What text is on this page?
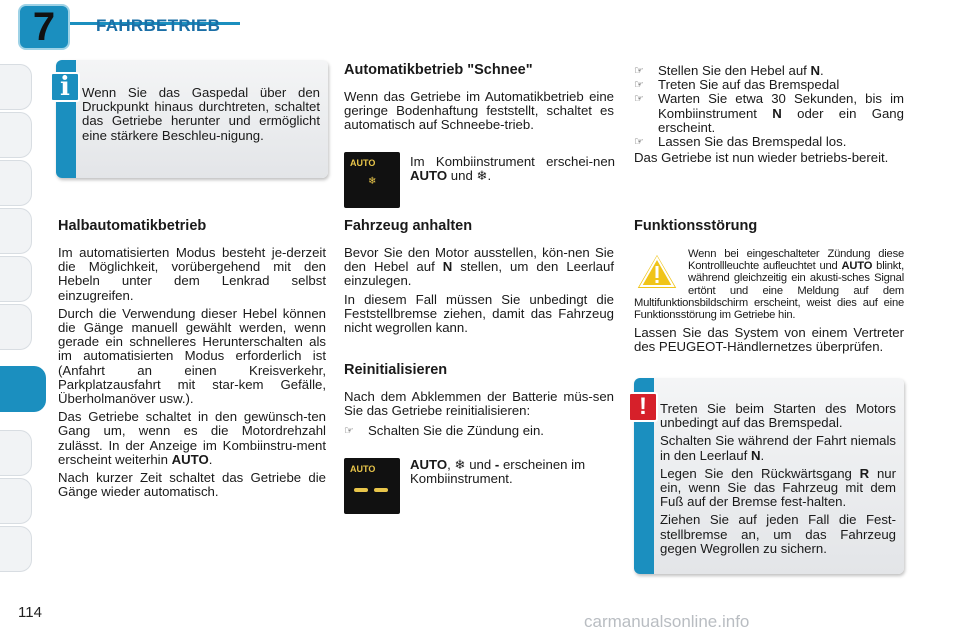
7	FAHRBETRIEB
i Wenn Sie das Gaspedal über den Druckpunkt hinaus durchtreten, schaltet das Getriebe herunter und ermöglicht eine stärkere Beschleu-nigung.
Halbautomatikbetrieb

Im automatisierten Modus besteht je-derzeit die Möglichkeit, vorübergehend mit den Hebeln unter dem Lenkrad selbst einzugreifen.

Durch die Verwendung dieser Hebel können die Gänge manuell gewählt werden, wenn gerade ein schnelleres Herunterschalten als im automatisierten Modus erforderlich ist (Anfahrt an einen Kreisverkehr, Parkplatzausfahrt mit star-kem Gefälle, Überholmanöver usw.).

Das Getriebe schaltet in den gewünsch-ten Gang um, wenn es die Motordrehzahl zulässt. In der Anzeige im Kombiinstru-ment erscheint weiterhin AUTO.

Nach kurzer Zeit schaltet das Getriebe die Gänge wieder automatisch.

Automatikbetrieb "Schnee"

Wenn das Getriebe im Automatikbetrieb eine geringe Bodenhaftung feststellt, schaltet es automatisch auf Schneebe-trieb.

AUTO
❄
Im Kombiinstrument erschei-nen AUTO und ❄.
Fahrzeug anhalten

Bevor Sie den Motor ausstellen, kön-nen Sie den Hebel auf N stellen, um den Leerlauf einzulegen.

In diesem Fall müssen Sie unbedingt die Feststellbremse ziehen, damit das Fahrzeug nicht wegrollen kann.

Reinitialisieren

Nach dem Abklemmen der Batterie müs-sen Sie das Getriebe reinitialisieren:

☞	Schalten Sie die Zündung ein.
AUTO	AUTO, ❄ und - erscheinen im Kombiinstrument.
☞	Stellen Sie den Hebel auf N.
☞	Treten Sie auf das Bremspedal
☞	Warten Sie etwa 30 Sekunden, bis im Kombiinstrument N oder ein Gang erscheint.
☞	Lassen Sie das Bremspedal los.

Das Getriebe ist nun wieder betriebs-bereit.

Funktionsstörung
Wenn bei eingeschalteter Zündung diese Kontrollleuchte aufleuchtet und AUTO blinkt, während gleichzeitig ein akusti-sches Signal ertönt und eine Meldung auf dem Multifunktionsbildschirm erscheint, weist dies auf eine Funktionsstörung im Getriebe hin.
Lassen Sie das System von einem Vertreter des PEUGEOT-Händlernetzes überprüfen.
! Treten Sie beim Starten des Motors unbedingt auf das Bremspedal.

Schalten Sie während der Fahrt niemals in den Leerlauf N.

Legen Sie den Rückwärtsgang R nur ein, wenn Sie das Fahrzeug mit dem Fuß auf der Bremse fest-halten.

Ziehen Sie auf jeden Fall die Fest-stellbremse an, um das Fahrzeug gegen Wegrollen zu sichern.

114	carmanualsonline.info
